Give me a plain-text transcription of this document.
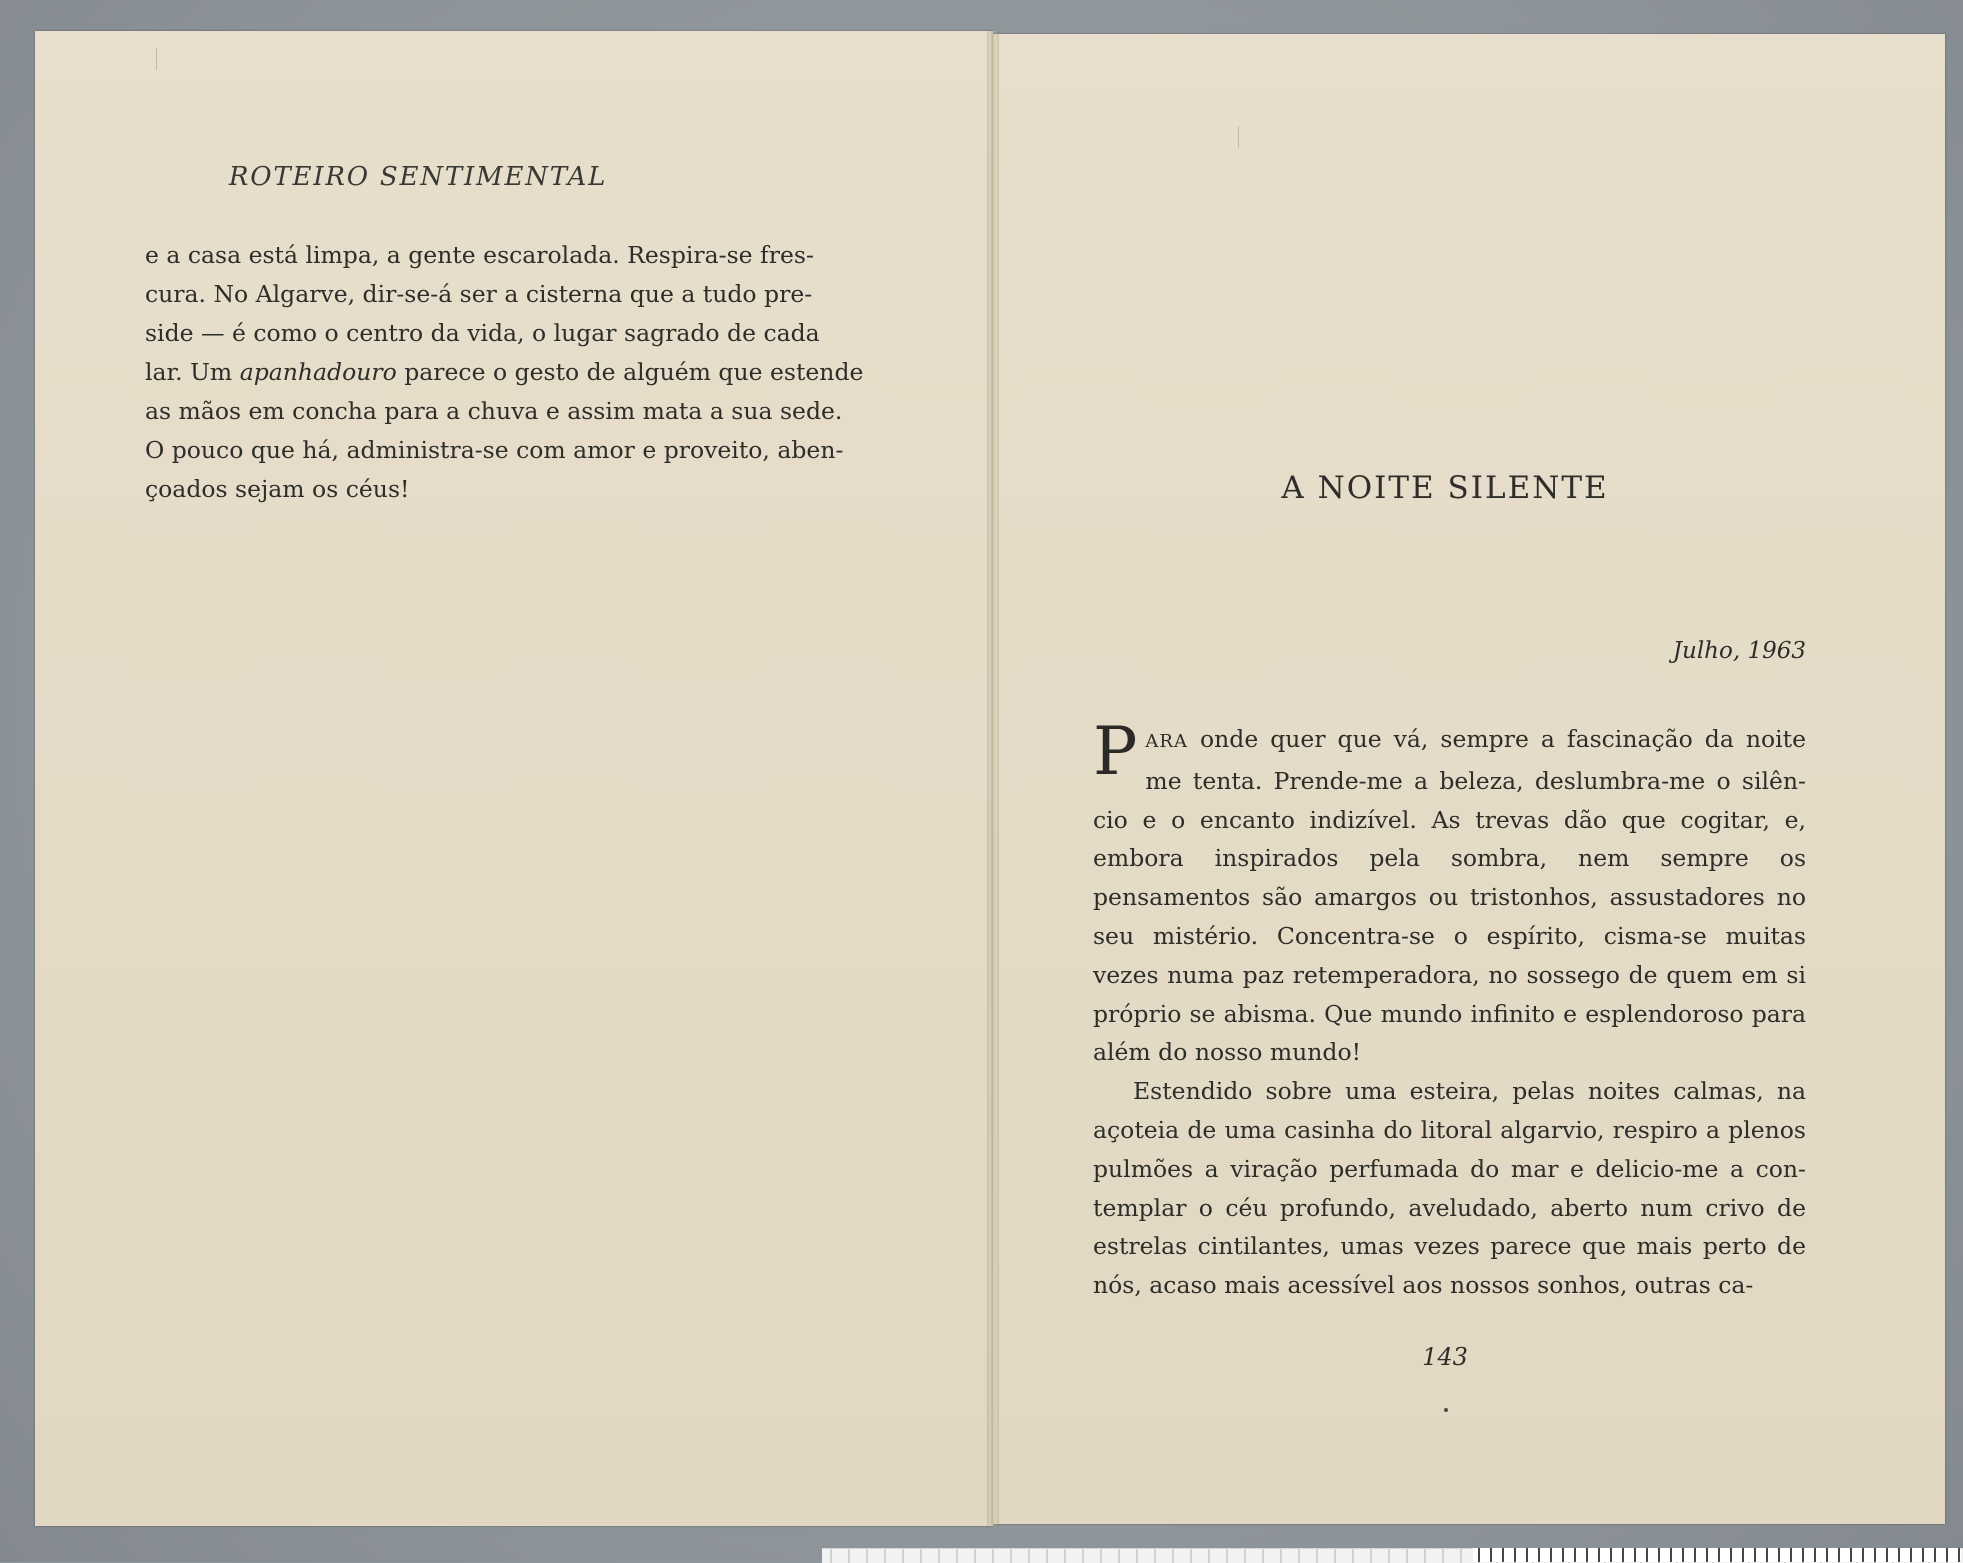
ROTEIRO SENTIMENTAL
e a casa está limpa, a gente escarolada. Respira-se fres-
cura. No Algarve, dir-se-á ser a cisterna que a tudo pre-
side — é como o centro da vida, o lugar sagrado de cada
lar. Um apanhadouro parece o gesto de alguém que estende
as mãos em concha para a chuva e assim mata a sua sede.
O pouco que há, administra-se com amor e proveito, aben-
çoados sejam os céus!	A NOITE SILENTE
Julho, 1963

PARA onde quer que vá, sempre a fascinação da noite me tenta. Prende-me a beleza, deslumbra-me o silên-cio e o encanto indizível. As trevas dão que cogitar, e, embora inspirados pela sombra, nem sempre os pensamentos são amargos ou tristonhos, assustadores no seu mistério. Concentra-se o espírito, cisma-se muitas vezes numa paz retemperadora, no sossego de quem em si próprio se abisma. Que mundo infinito e esplendoroso para além do nosso mundo!

Estendido sobre uma esteira, pelas noites calmas, na açoteia de uma casinha do litoral algarvio, respiro a plenos pulmões a viração perfumada do mar e delicio-me a con-templar o céu profundo, aveludado, aberto num crivo de estrelas cintilantes, umas vezes parece que mais perto de nós, acaso mais acessível aos nossos sonhos, outras ca-

143
